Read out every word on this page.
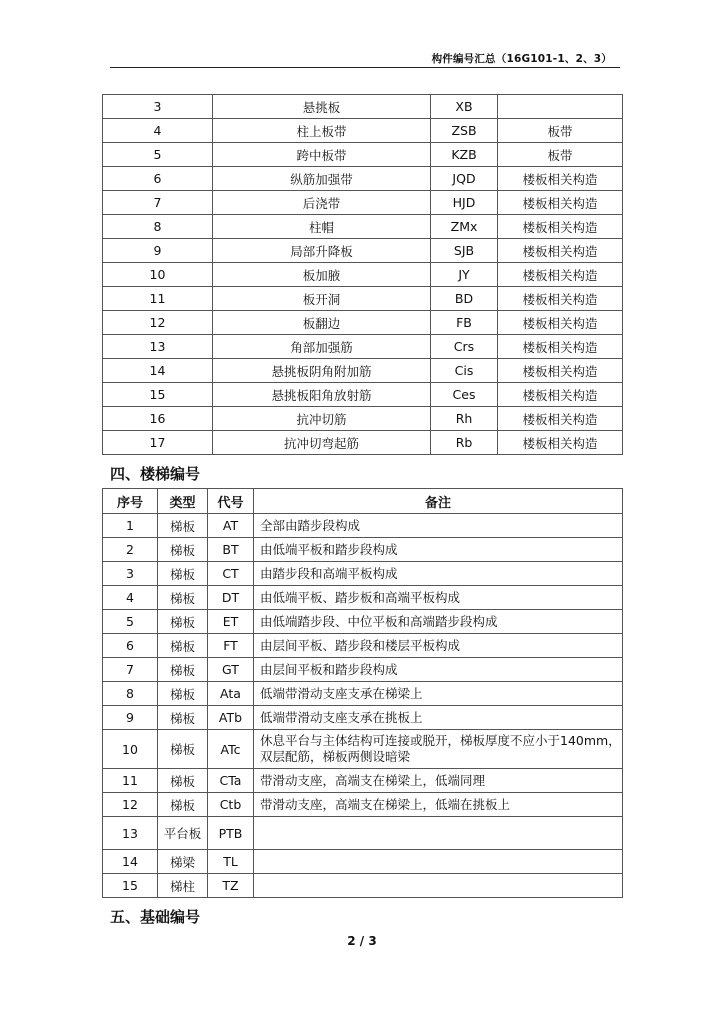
构件编号汇总（16G101-1、2、3）
3	悬挑板	XB	
4	柱上板带	ZSB	板带
5	跨中板带	KZB	板带
6	纵筋加强带	JQD	楼板相关构造
7	后浇带	HJD	楼板相关构造
8	柱帽	ZMx	楼板相关构造
9	局部升降板	SJB	楼板相关构造
10	板加腋	JY	楼板相关构造
11	板开洞	BD	楼板相关构造
12	板翻边	FB	楼板相关构造
13	角部加强筋	Crs	楼板相关构造
14	悬挑板阴角附加筋	Cis	楼板相关构造
15	悬挑板阳角放射筋	Ces	楼板相关构造
16	抗冲切筋	Rh	楼板相关构造
17	抗冲切弯起筋	Rb	楼板相关构造
四、楼梯编号
序号	类型	代号	备注
1	梯板	AT	全部由踏步段构成
2	梯板	BT	由低端平板和踏步段构成
3	梯板	CT	由踏步段和高端平板构成
4	梯板	DT	由低端平板、踏步板和高端平板构成
5	梯板	ET	由低端踏步段、中位平板和高端踏步段构成
6	梯板	FT	由层间平板、踏步段和楼层平板构成
7	梯板	GT	由层间平板和踏步段构成
8	梯板	Ata	低端带滑动支座支承在梯梁上
9	梯板	ATb	低端带滑动支座支承在挑板上
10	梯板	ATc	休息平台与主体结构可连接或脱开，梯板厚度不应小于140mm，双层配筋，梯板两侧设暗梁
11	梯板	CTa	带滑动支座，高端支在梯梁上，低端同理
12	梯板	Ctb	带滑动支座，高端支在梯梁上，低端在挑板上
13	平台板	PTB	
14	梯梁	TL	
15	梯柱	TZ	
五、基础编号
2 / 3
